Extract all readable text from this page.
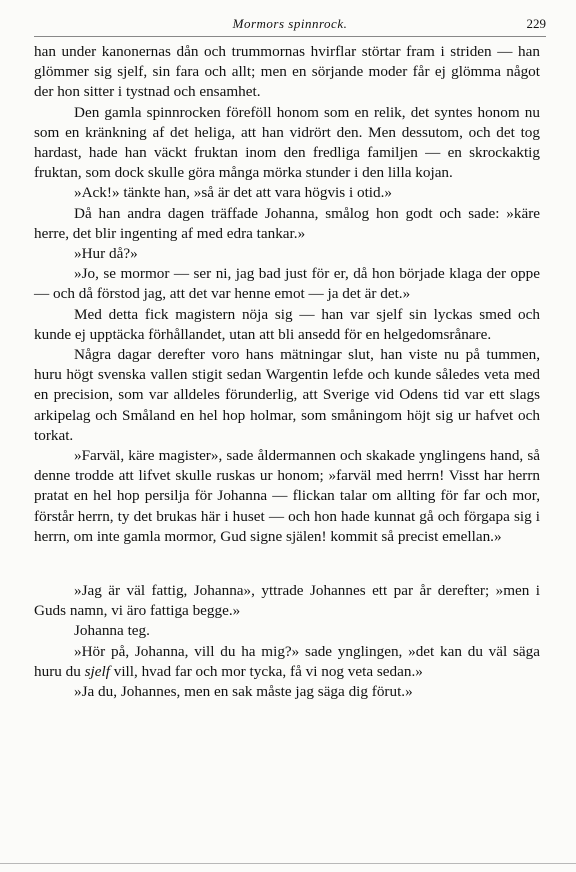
Mormors spinnrock.	229

han under kanonernas dån och trummornas hvirflar störtar fram i striden — han glömmer sig sjelf, sin fara och allt; men en sörjande moder får ej glömma något der hon sitter i tystnad och ensamhet.

Den gamla spinnrocken föreföll honom som en relik, det syntes honom nu som en kränkning af det heliga, att han vidrört den. Men dessutom, och det tog hardast, hade han väckt fruktan inom den fredliga familjen — en skrockaktig fruktan, som dock skulle göra många mörka stunder i den lilla kojan.

»Ack!» tänkte han, »så är det att vara högvis i otid.»

Då han andra dagen träffade Johanna, smålog hon godt och sade: »käre herre, det blir ingenting af med edra tankar.»

»Hur då?»

»Jo, se mormor — ser ni, jag bad just för er, då hon började klaga der oppe — och då förstod jag, att det var henne emot — ja det är det.»

Med detta fick magistern nöja sig — han var sjelf sin lyckas smed och kunde ej upptäcka förhållandet, utan att bli ansedd för en helgedomsrånare.

Några dagar derefter voro hans mätningar slut, han viste nu på tummen, huru högt svenska vallen stigit sedan Wargentin lefde och kunde således veta med en precision, som var alldeles förunderlig, att Sverige vid Odens tid var ett slags arkipelag och Småland en hel hop holmar, som småningom höjt sig ur hafvet och torkat.

»Farväl, käre magister», sade åldermannen och skakade ynglingens hand, så denne trodde att lifvet skulle ruskas ur honom; »farväl med herrn! Visst har herrn pratat en hel hop persilja för Johanna — flickan talar om allting för far och mor, förstår herrn, ty det brukas här i huset — och hon hade kunnat gå och förgapa sig i herrn, om inte gamla mormor, Gud signe själen! kommit så precist emellan.»

»Jag är väl fattig, Johanna», yttrade Johannes ett par år derefter; »men i Guds namn, vi äro fattiga begge.»

Johanna teg.

»Hör på, Johanna, vill du ha mig?» sade ynglingen, »det kan du väl säga huru du sjelf vill, hvad far och mor tycka, få vi nog veta sedan.»

»Ja du, Johannes, men en sak måste jag säga dig förut.»
